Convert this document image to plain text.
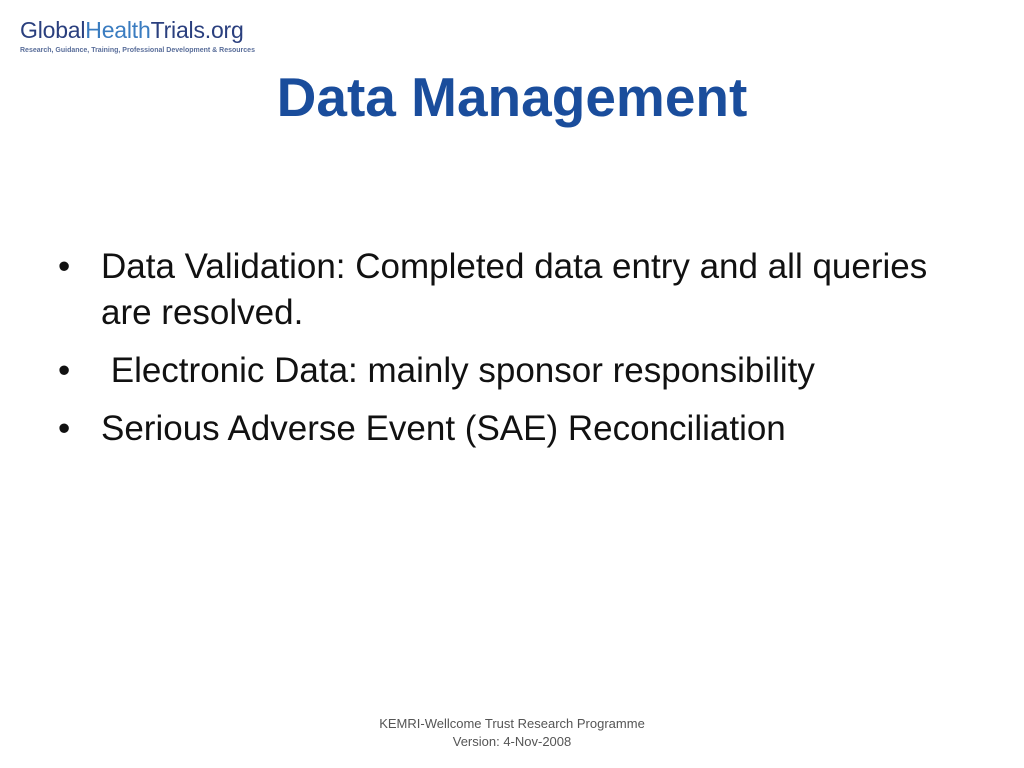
GlobalHealthTrials.org
Research, Guidance, Training, Professional Development & Resources
Data Management
• Data Validation: Completed data entry and all queries are resolved.
• Electronic Data: mainly sponsor responsibility
• Serious Adverse Event (SAE) Reconciliation
KEMRI-Wellcome Trust Research Programme
Version: 4-Nov-2008
